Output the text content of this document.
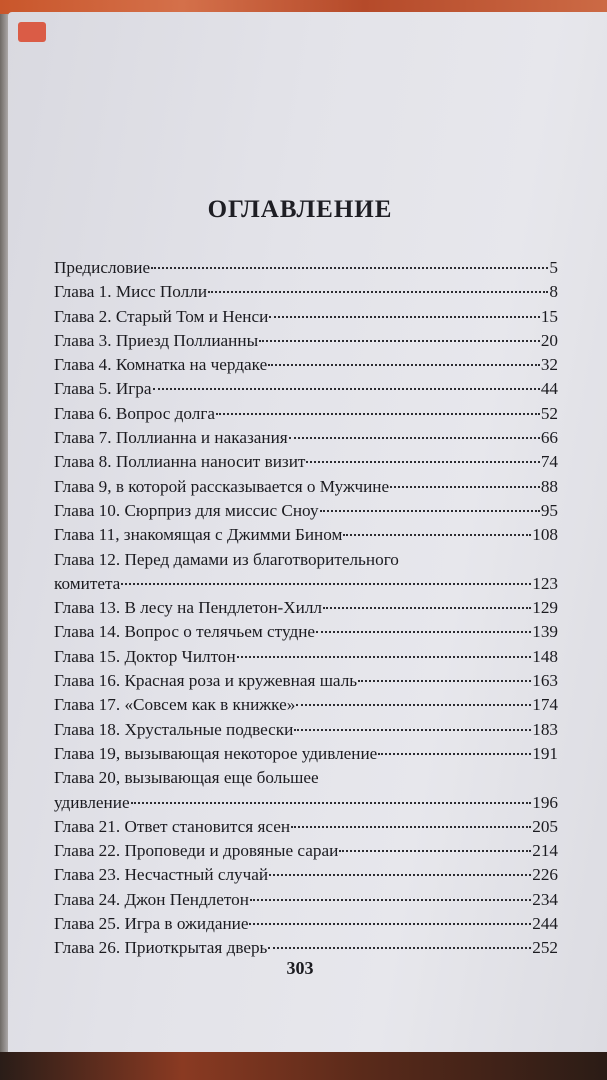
ОГЛАВЛЕНИЕ
Предисловие	5
Глава 1. Мисс Полли	8
Глава 2. Старый Том и Ненси	15
Глава 3. Приезд Поллианны	20
Глава 4. Комнатка на чердаке	32
Глава 5. Игра	44
Глава 6. Вопрос долга	52
Глава 7. Поллианна и наказания	66
Глава 8. Поллианна наносит визит	74
Глава 9, в которой рассказывается о Мужчине	88
Глава 10. Сюрприз для миссис Сноу	95
Глава 11, знакомящая с Джимми Бином	108
Глава 12. Перед дамами из благотворительного
комитета	123
Глава 13. В лесу на Пендлетон-Хилл	129
Глава 14. Вопрос о телячьем студне	139
Глава 15. Доктор Чилтон	148
Глава 16. Красная роза и кружевная шаль	163
Глава 17. «Совсем как в книжке»	174
Глава 18. Хрустальные подвески	183
Глава 19, вызывающая некоторое удивление	191
Глава 20, вызывающая еще большее
удивление	196
Глава 21. Ответ становится ясен	205
Глава 22. Проповеди и дровяные сараи	214
Глава 23. Несчастный случай	226
Глава 24. Джон Пендлетон	234
Глава 25. Игра в ожидание	244
Глава 26. Приоткрытая дверь	252
303
